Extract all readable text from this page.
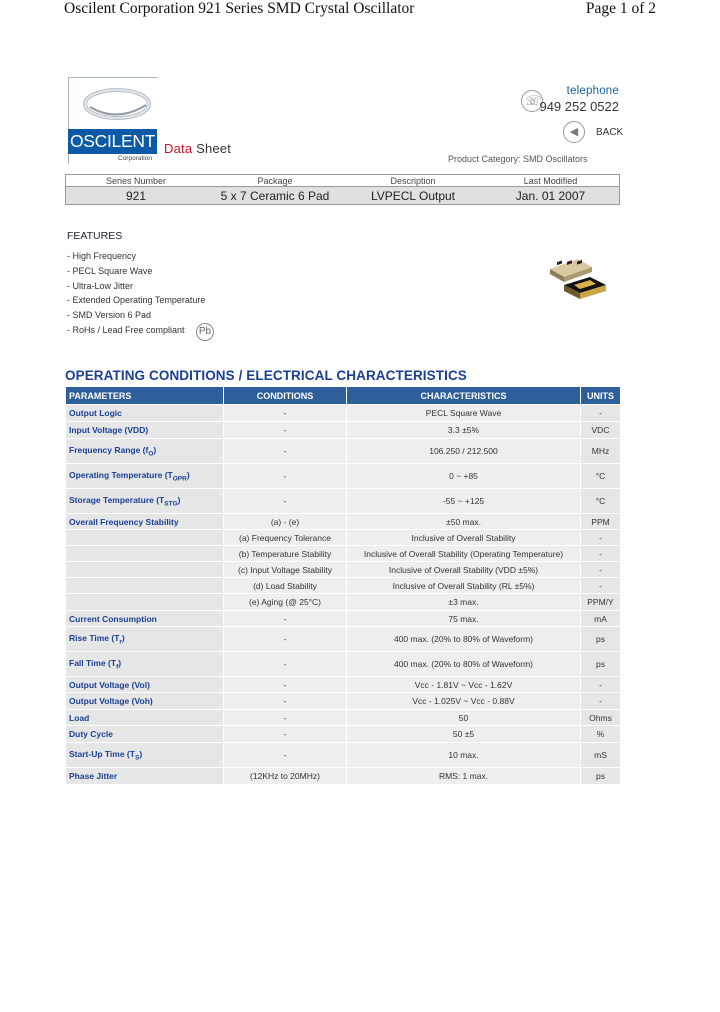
Oscilent Corporation 921 Series SMD Crystal Oscillator	Page 1 of 2
OSCILENT
Corporation
Data Sheet
☏
telephone
949 252 0522
◀	BACK
Product Category: SMD Oscillators
Series Number	Package	Description	Last Modified
921	5 x 7 Ceramic 6 Pad	LVPECL Output	Jan. 01 2007
FEATURES
- High Frequency
- PECL Square Wave
- Ultra-Low Jitter
- Extended Operating Temperature
- SMD Version 6 Pad
- RoHs / Lead Free compliant	Pb
OPERATING CONDITIONS / ELECTRICAL CHARACTERISTICS
PARAMETERS	CONDITIONS	CHARACTERISTICS	UNITS
Output Logic	-	PECL Square Wave	-
Input Voltage (VDD)	-	3.3 ±5%	VDC
Frequency Range $(f_O)$	-	106.250 / 212.500	MHz
Operating Temperature $(T_{OPR})$	-	0 ~ +85	°C
Storage Temperature $(T_{STG})$	-	-55 ~ +125	°C
Overall Frequency Stability	(a) - (e)	±50 max.	PPM
	(a) Frequency Tolerance	Inclusive of Overall Stability	-
	(b) Temperature Stability	Inclusive of Overall Stability (Operating Temperature)	-
	(c) Input Voltage Stability	Inclusive of Overall Stability (VDD ±5%)	-
	(d) Load Stability	Inclusive of Overall Stability (RL ±5%)	-
	(e) Aging (@ 25°C)	±3 max.	PPM/Y
Current Consumption	-	75 max.	mA
Rise Time $(T_r)$	-	400 max. (20% to 80% of Waveform)	ps
Fall Time $(T_f)$	-	400 max. (20% to 80% of Waveform)	ps
Output Voltage (Vol)	-	Vcc - 1.81V ~ Vcc - 1.62V	-
Output Voltage (Voh)	-	Vcc - 1.025V ~ Vcc - 0.88V	-
Load	-	50	Ohms
Duty Cycle	-	50 ±5	%
Start-Up Time $(T_S)$	-	10 max.	mS
Phase Jitter	(12KHz to 20MHz)	RMS: 1 max.	ps
